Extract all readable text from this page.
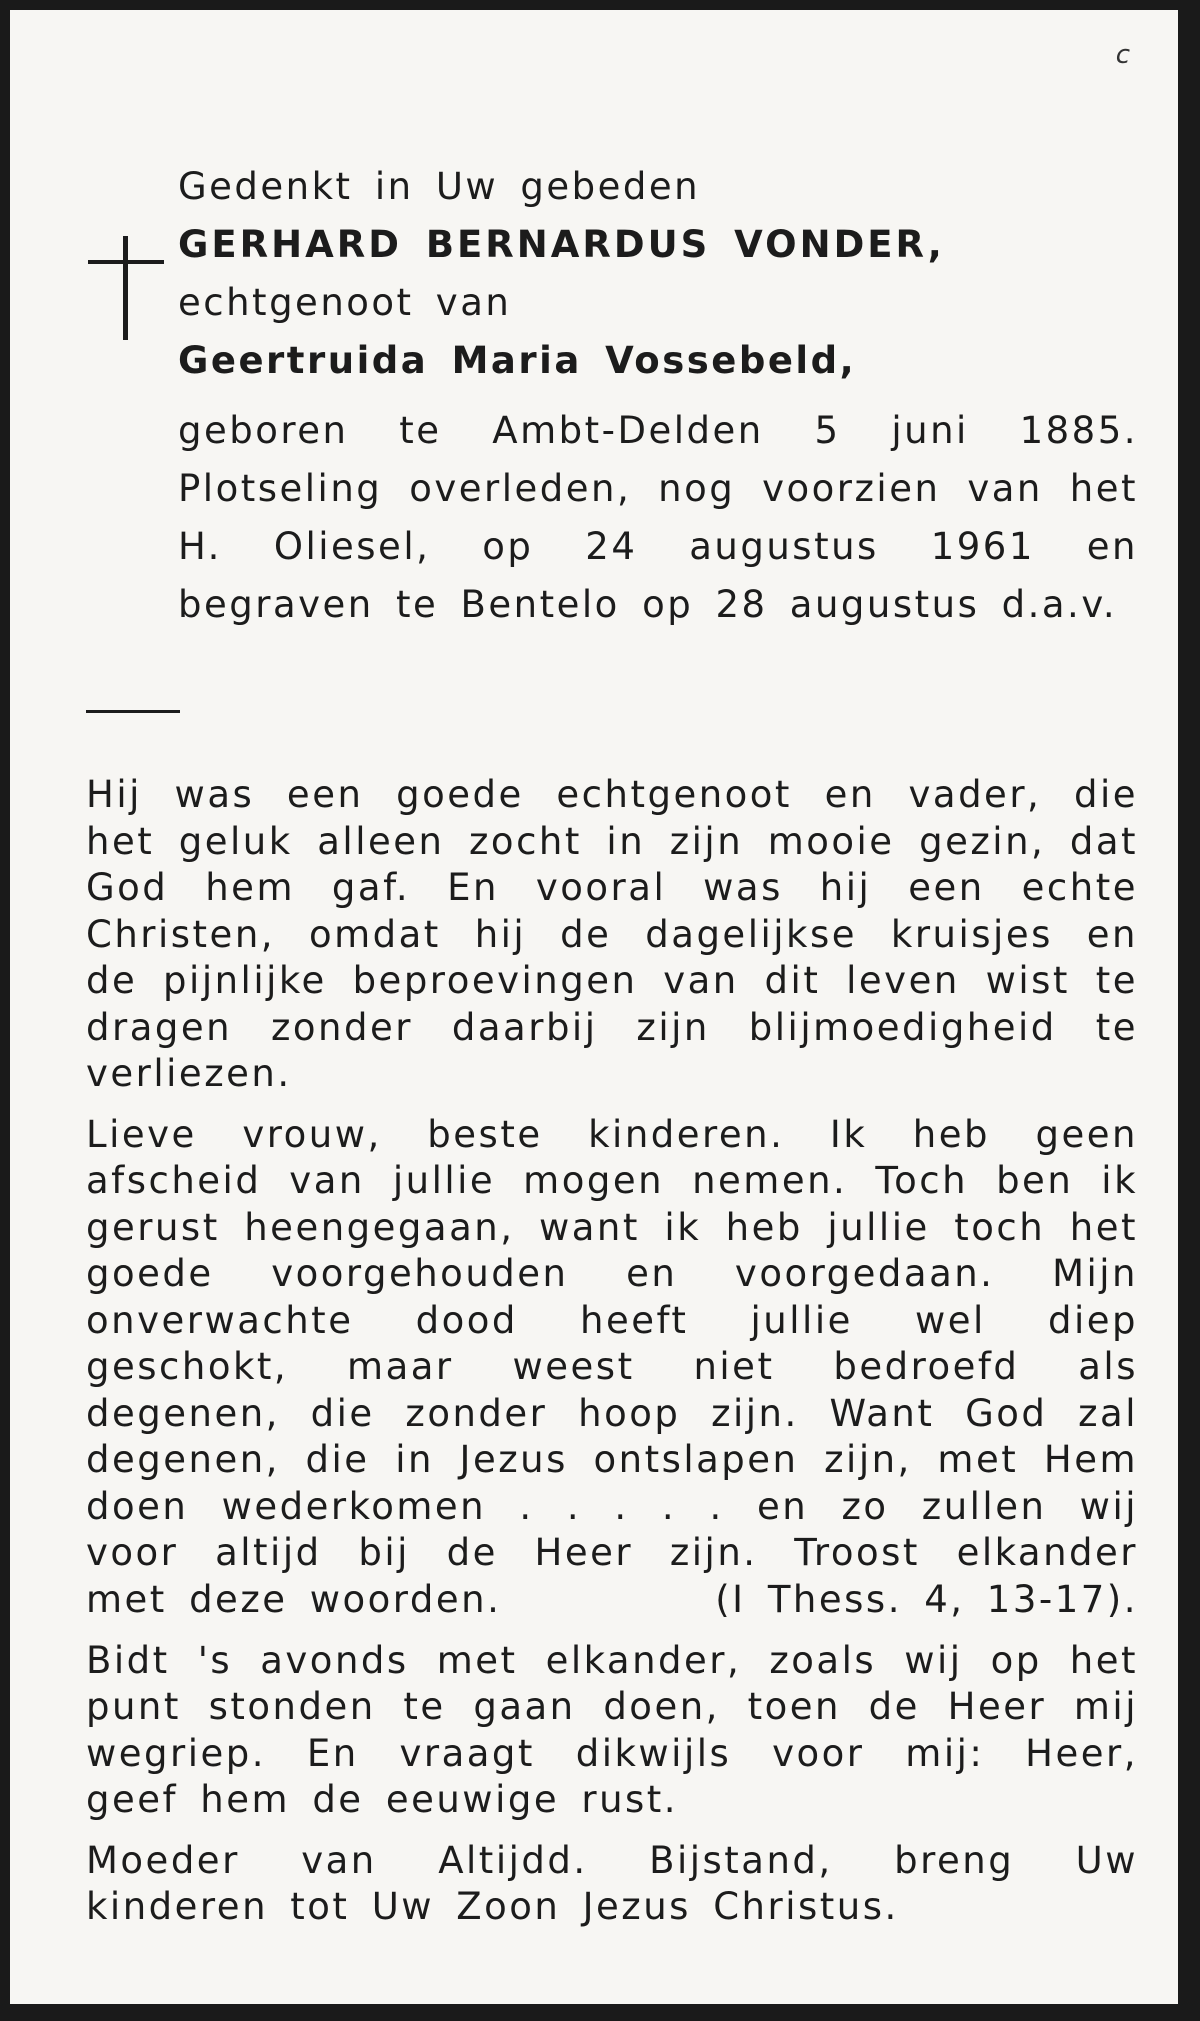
c
Gedenkt in Uw gebeden
GERHARD BERNARDUS VONDER,
echtgenoot van
Geertruida Maria Vossebeld,
geboren te Ambt-Delden 5 juni 1885. Plotseling overleden, nog voorzien van het H. Oliesel, op 24 augustus 1961 en begraven te Bentelo op 28 augustus d.a.v.

Hij was een goede echtgenoot en vader, die het geluk alleen zocht in zijn mooie gezin, dat God hem gaf. En vooral was hij een echte Christen, omdat hij de dagelijkse kruisjes en de pijnlijke beproevingen van dit leven wist te dragen zonder daarbij zijn blijmoedigheid te verliezen.

Lieve vrouw, beste kinderen. Ik heb geen afscheid van jullie mogen nemen. Toch ben ik gerust heengegaan, want ik heb jullie toch het goede voorgehouden en voorgedaan. Mijn onverwachte dood heeft jullie wel diep geschokt, maar weest niet bedroefd als degenen, die zonder hoop zijn. Want God zal degenen, die in Jezus ontslapen zijn, met Hem doen wederkomen . . . . . en zo zullen wij voor altijd bij de Heer zijn. Troost elkander met deze woorden.	(I Thess. 4, 13-17).

Bidt 's avonds met elkander, zoals wij op het punt stonden te gaan doen, toen de Heer mij wegriep. En vraagt dikwijls voor mij: Heer, geef hem de eeuwige rust.

Moeder van Altijdd. Bijstand, breng Uw kinderen tot Uw Zoon Jezus Christus.
